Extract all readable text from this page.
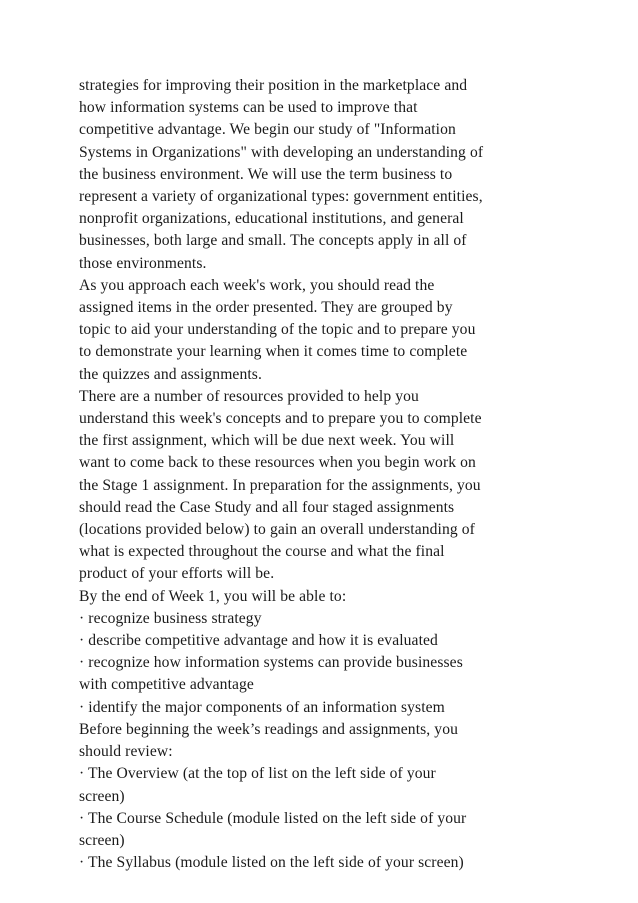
strategies for improving their position in the marketplace and
how information systems can be used to improve that
competitive advantage. We begin our study of "Information
Systems in Organizations" with developing an understanding of
the business environment. We will use the term business to
represent a variety of organizational types: government entities,
nonprofit organizations, educational institutions, and general
businesses, both large and small. The concepts apply in all of
those environments.
As you approach each week's work, you should read the
assigned items in the order presented. They are grouped by
topic to aid your understanding of the topic and to prepare you
to demonstrate your learning when it comes time to complete
the quizzes and assignments.
There are a number of resources provided to help you
understand this week's concepts and to prepare you to complete
the first assignment, which will be due next week. You will
want to come back to these resources when you begin work on
the Stage 1 assignment. In preparation for the assignments, you
should read the Case Study and all four staged assignments
(locations provided below) to gain an overall understanding of
what is expected throughout the course and what the final
product of your efforts will be.
By the end of Week 1, you will be able to:
· recognize business strategy
· describe competitive advantage and how it is evaluated
· recognize how information systems can provide businesses
with competitive advantage
· identify the major components of an information system
Before beginning the week’s readings and assignments, you
should review:
· The Overview (at the top of list on the left side of your
screen)
· The Course Schedule (module listed on the left side of your
screen)
· The Syllabus (module listed on the left side of your screen)
